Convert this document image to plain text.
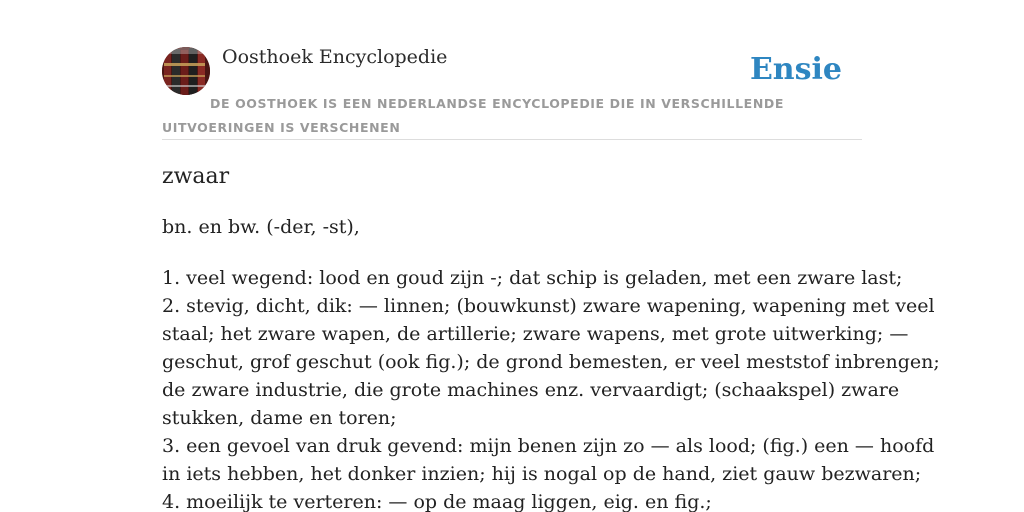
Oosthoek Encyclopedie	Ensie
DE OOSTHOEK IS EEN NEDERLANDSE ENCYCLOPEDIE DIE IN VERSCHILLENDE UITVOERINGEN IS VERSCHENEN
zwaar
bn. en bw. (-der, -st),
1. veel wegend: lood en goud zijn -; dat schip is geladen, met een zware last;
2. stevig, dicht, dik: — linnen; (bouwkunst) zware wapening, wapening met veel
staal; het zware wapen, de artillerie; zware wapens, met grote uitwerking; —
geschut, grof geschut (ook fig.); de grond bemesten, er veel meststof inbrengen;
de zware industrie, die grote machines enz. vervaardigt; (schaakspel) zware
stukken, dame en toren;
3. een gevoel van druk gevend: mijn benen zijn zo — als lood; (fig.) een — hoofd
in iets hebben, het donker inzien; hij is nogal op de hand, ziet gauw bezwaren;
4. moeilijk te verteren: — op de maag liggen, eig. en fig.;
